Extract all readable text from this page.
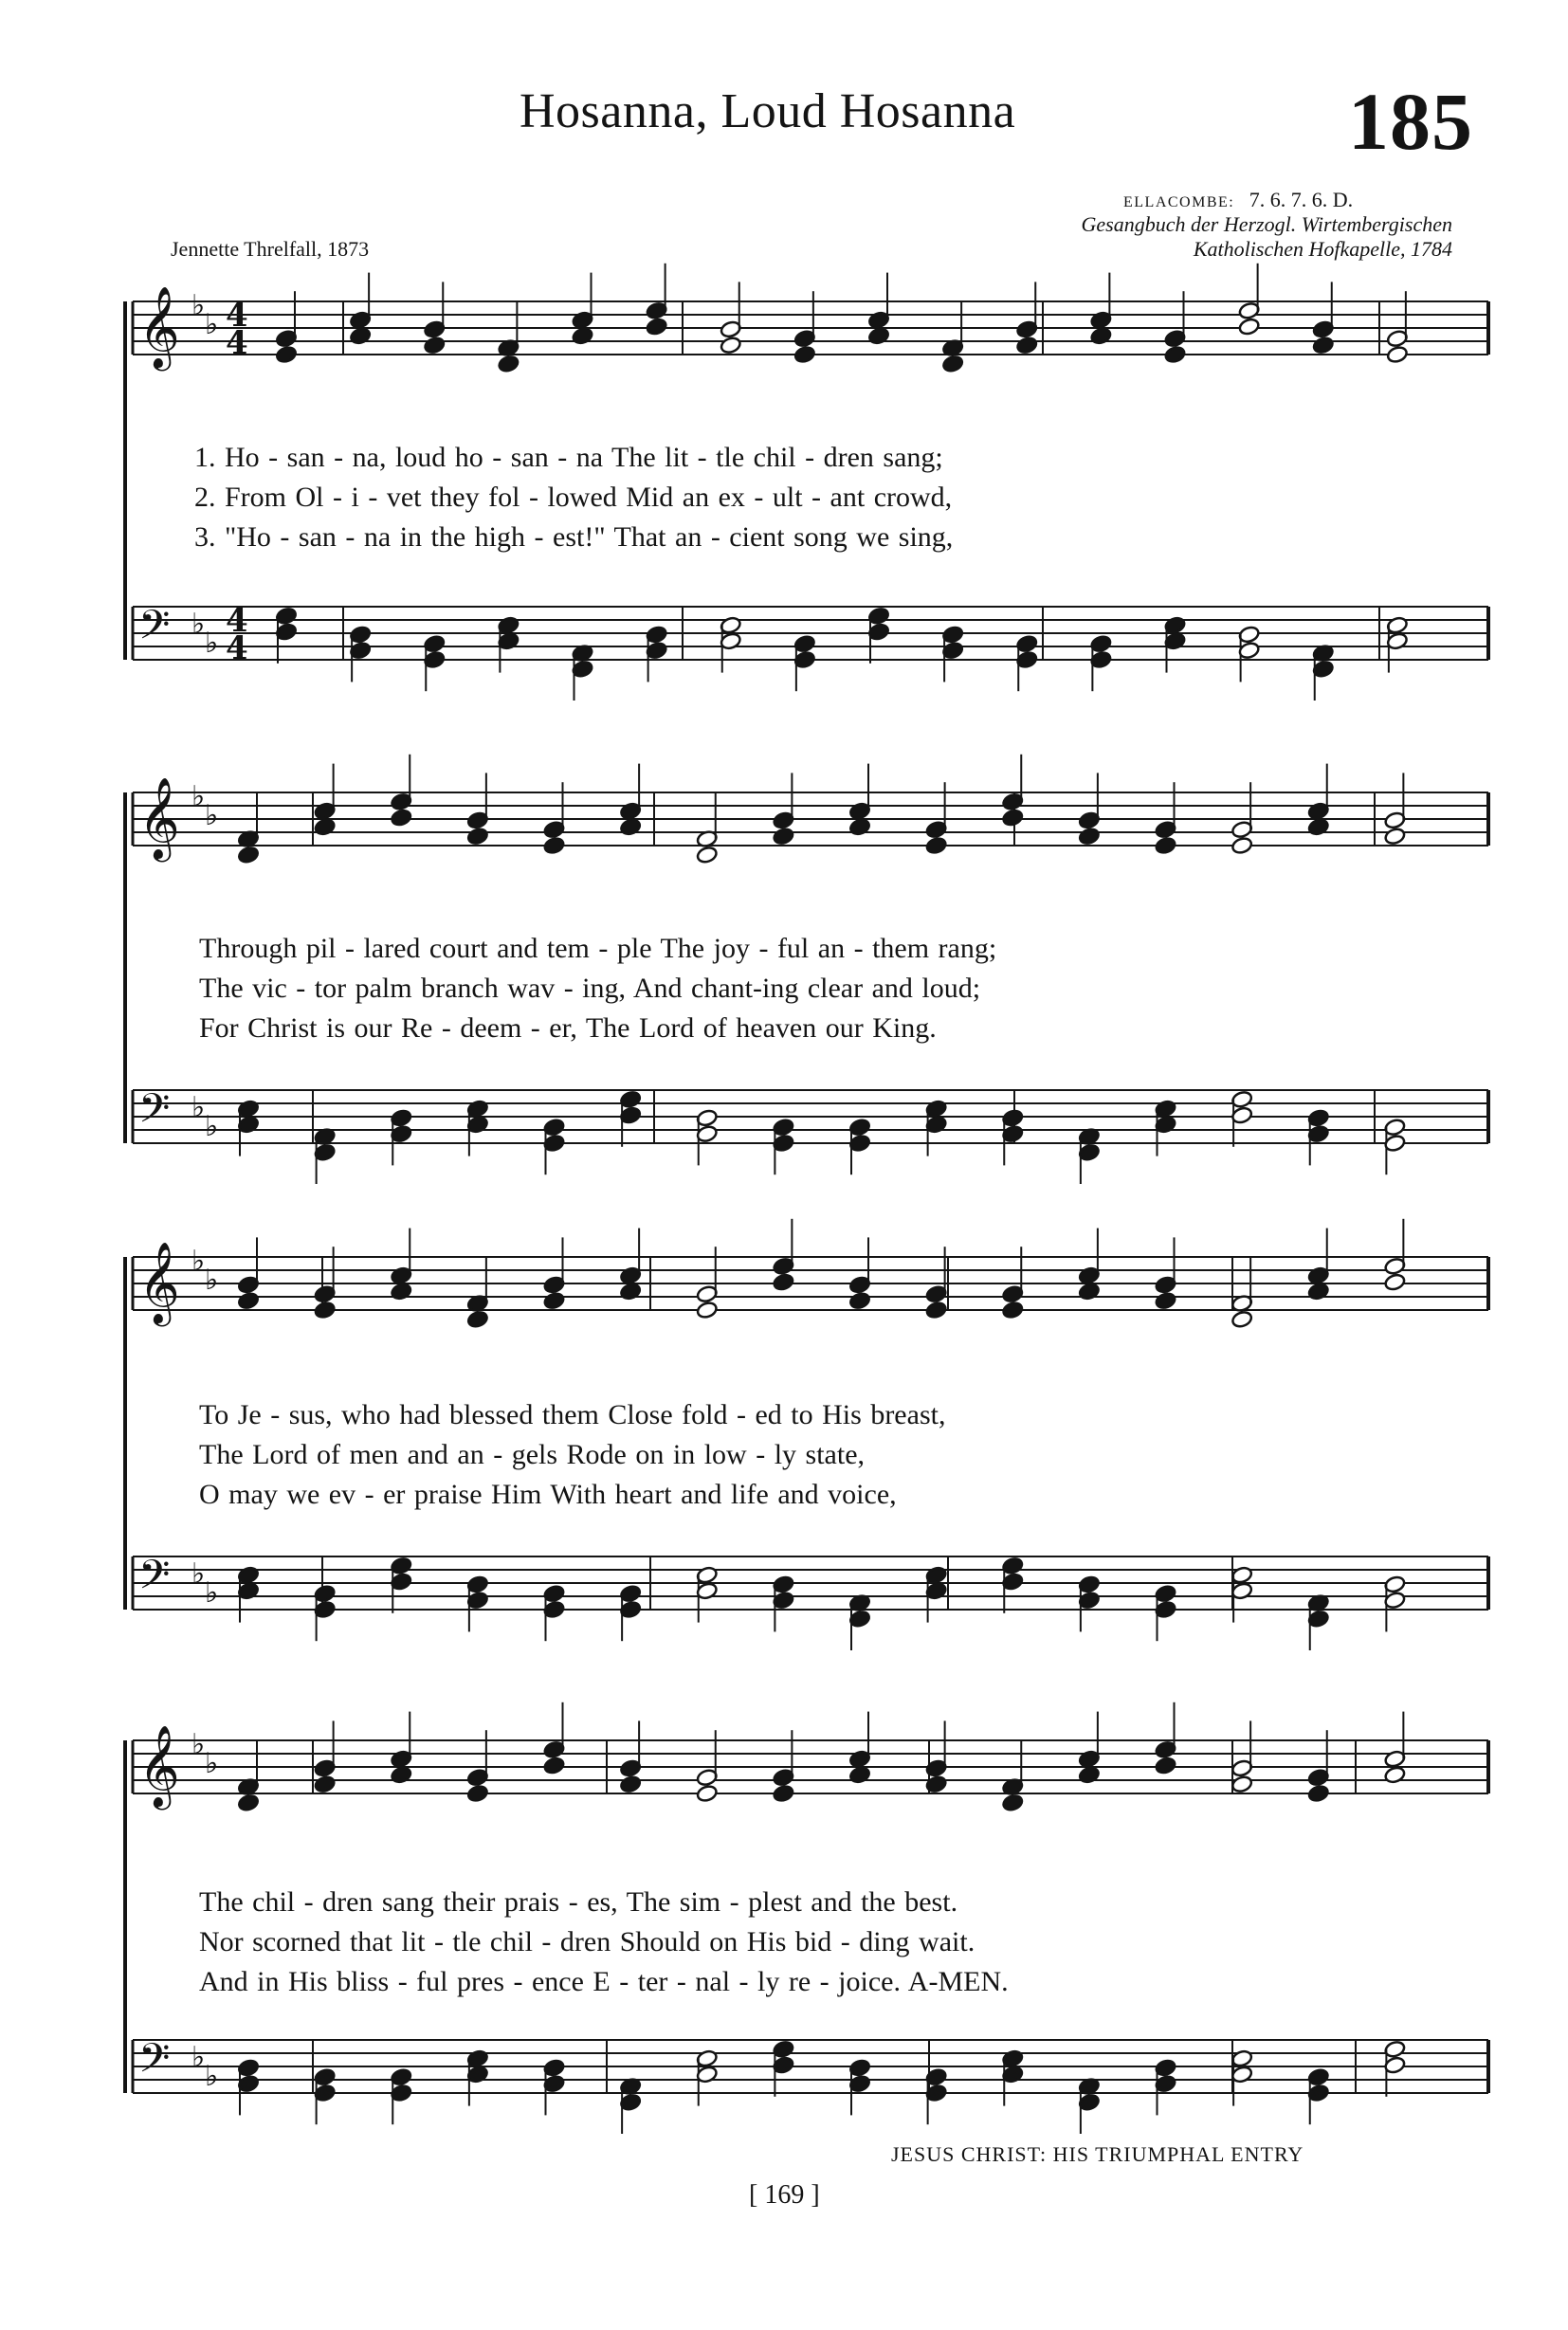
Hosanna, Loud Hosanna	185
ELLACOMBE: 7. 6. 7. 6. D.
Gesangbuch der Herzogl. Wirtembergischen
Katholischen Hofkapelle, 1784
Jennette Threlfall, 1873
𝄞 ♭
♭ 4
4
𝄢 ♭
♭
4
4
𝄞 ♭
♭
𝄢 ♭
♭
𝄞 ♭
♭
𝄢 ♭
♭
𝄞 ♭
♭
𝄢 ♭
♭
1. Ho - san - na, loud ho - san - na The lit - tle chil - dren sang;
2. From Ol - i - vet they fol - lowed Mid an ex - ult - ant crowd,
3. "Ho - san - na in the high - est!" That an - cient song we sing,
Through pil - lared court and tem - ple The joy - ful an - them rang;
The vic - tor palm branch wav - ing, And chant-ing clear and loud;
For Christ is our Re - deem - er, The Lord of heaven our King.
To Je - sus, who had blessed them Close fold - ed to His breast,
The Lord of men and an - gels Rode on in low - ly state,
O may we ev - er praise Him With heart and life and voice,
The chil - dren sang their prais - es, The sim - plest and the best.
Nor scorned that lit - tle chil - dren Should on His bid - ding wait.
And in His bliss - ful pres - ence E - ter - nal - ly re - joice. A-MEN.
JESUS CHRIST: HIS TRIUMPHAL ENTRY
[ 169 ]
